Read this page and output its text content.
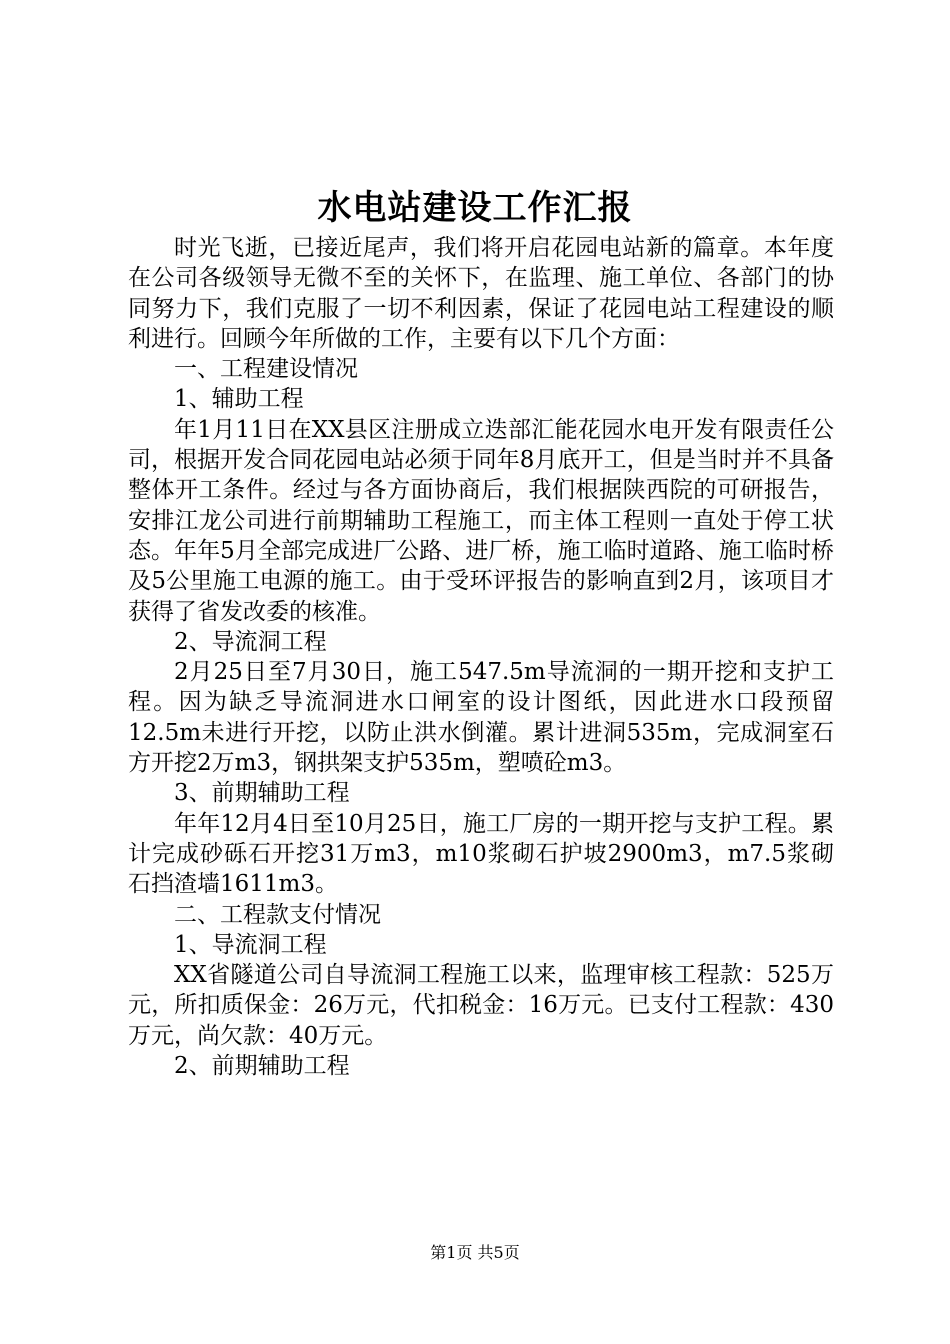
水电站建设工作汇报

时光飞逝，已接近尾声，我们将开启花园电站新的篇章。本年度在公司各级领导无微不至的关怀下，在监理、施工单位、各部门的协同努力下，我们克服了一切不利因素，保证了花园电站工程建设的顺利进行。回顾今年所做的工作，主要有以下几个方面：

一、工程建设情况

1、辅助工程

年1月11日在XX县区注册成立迭部汇能花园水电开发有限责任公司，根据开发合同花园电站必须于同年8月底开工，但是当时并不具备整体开工条件。经过与各方面协商后，我们根据陕西院的可研报告，安排江龙公司进行前期辅助工程施工，而主体工程则一直处于停工状态。年年5月全部完成进厂公路、进厂桥，施工临时道路、施工临时桥及5公里施工电源的施工。由于受环评报告的影响直到2月，该项目才获得了省发改委的核准。

2、导流洞工程

2月25日至7月30日，施工547.5m导流洞的一期开挖和支护工程。因为缺乏导流洞进水口闸室的设计图纸，因此进水口段预留12.5m未进行开挖，以防止洪水倒灌。累计进洞535m，完成洞室石方开挖2万m3，钢拱架支护535m，塑喷砼m3。

3、前期辅助工程

年年12月4日至10月25日，施工厂房的一期开挖与支护工程。累计完成砂砾石开挖31万m3，m10浆砌石护坡2900m3，m7.5浆砌石挡渣墙1611m3。

二、工程款支付情况

1、导流洞工程

XX省隧道公司自导流洞工程施工以来，监理审核工程款：525万元，所扣质保金：26万元，代扣税金：16万元。已支付工程款：430万元，尚欠款：40万元。

2、前期辅助工程

第1页 共5页
